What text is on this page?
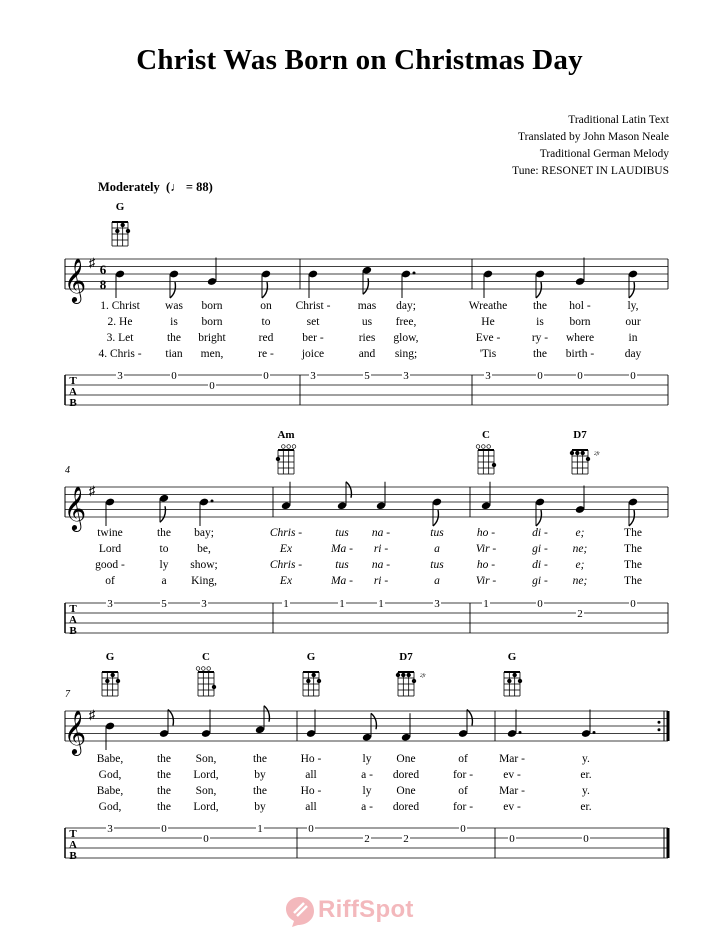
Christ Was Born on Christmas Day
Traditional Latin Text
Translated by John Mason Neale
Traditional German Melody
Tune: RESONET IN LAUDIBUS
Moderately  (♩ = 88)
𝄞 ♯ 6
8
T
A
B
1. Christ was born	on Christ - mas day;	Wreathe the hol -	ly,
2. He	is born	to	set	us free,	He	is born	our
3. Let	the bright	red	ber -	ries glow,	Eve -	ry - where	in
4. Chris - tian men,	re - joice	and sing;	'Tis	the birth -	day
3	0
0
0	3	5	3	3	0	0	0
G
𝄞 ♯
T
A
B
4
twine	the bay;	Chris -	tus na -	tus	ho -	di - e;	The
Lord	to be,	Ex	Ma - ri -	a	Vir -	gi - ne;	The
good -	ly show;	Chris -	tus na -	tus	ho -	di - e;	The
of	a King,	Ex	Ma - ri -	a	Vir -	gi - ne;	The
3	5	3	1	1	1	3	1	0
2
0
Am	C	D7
2fr
𝄞 ♯
T
A
B
7
Babe,	the Son,	the	Ho -	ly One	of	Mar -	y.
God,	the Lord,	by	all	a - dored	for -	ev -	er.
Babe,	the Son,	the	Ho -	ly One	of	Mar -	y.
God,	the Lord,	by	all	a - dored	for -	ev -	er.
3	0
0
1	0
2	2
0
0	0
G	C	G	D7
2fr
G
RiffSpot
